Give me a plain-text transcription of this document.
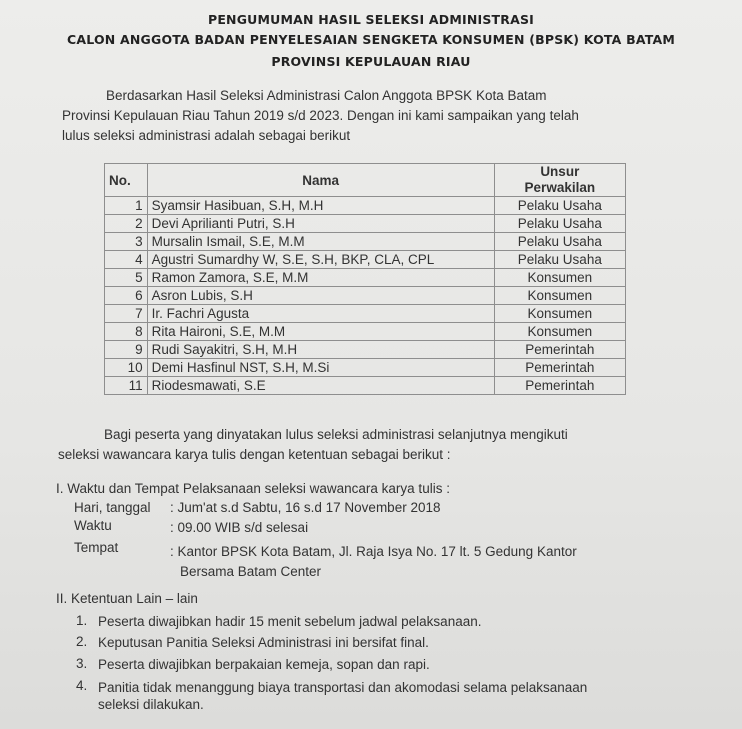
PENGUMUMAN HASIL SELEKSI ADMINISTRASI
CALON ANGGOTA BADAN PENYELESAIAN SENGKETA KONSUMEN (BPSK) KOTA BATAM
PROVINSI KEPULAUAN RIAU
Berdasarkan Hasil Seleksi Administrasi Calon Anggota BPSK Kota Batam
Provinsi Kepulauan Riau Tahun 2019 s/d 2023. Dengan ini kami sampaikan yang telah
lulus seleksi administrasi adalah sebagai berikut
No.	Nama	Unsur
Perwakilan

1	Syamsir Hasibuan, S.H, M.H	Pelaku Usaha
2	Devi Aprilianti Putri, S.H	Pelaku Usaha
3	Mursalin Ismail, S.E, M.M	Pelaku Usaha
4	Agustri Sumardhy W, S.E, S.H, BKP, CLA, CPL	Pelaku Usaha
5	Ramon Zamora, S.E, M.M	Konsumen
6	Asron Lubis, S.H	Konsumen
7	Ir. Fachri Agusta	Konsumen
8	Rita Haironi, S.E, M.M	Konsumen
9	Rudi Sayakitri, S.H, M.H	Pemerintah
10	Demi Hasfinul NST, S.H, M.Si	Pemerintah
11	Riodesmawati, S.E	Pemerintah
Bagi peserta yang dinyatakan lulus seleksi administrasi selanjutnya mengikuti
seleksi wawancara karya tulis dengan ketentuan sebagai berikut :
I. Waktu dan Tempat Pelaksanaan seleksi wawancara karya tulis :
Hari, tanggal : Jum'at s.d Sabtu, 16 s.d 17 November 2018
Waktu	: 09.00 WIB s/d selesai
Tempat	: Kantor BPSK Kota Batam, Jl. Raja Isya No. 17 lt. 5 Gedung Kantor
Bersama Batam Center
II. Ketentuan Lain – lain
1. Peserta diwajibkan hadir 15 menit sebelum jadwal pelaksanaan.
2. Keputusan Panitia Seleksi Administrasi ini bersifat final.
3. Peserta diwajibkan berpakaian kemeja, sopan dan rapi.
4. Panitia tidak menanggung biaya transportasi dan akomodasi selama pelaksanaan
seleksi dilakukan.
